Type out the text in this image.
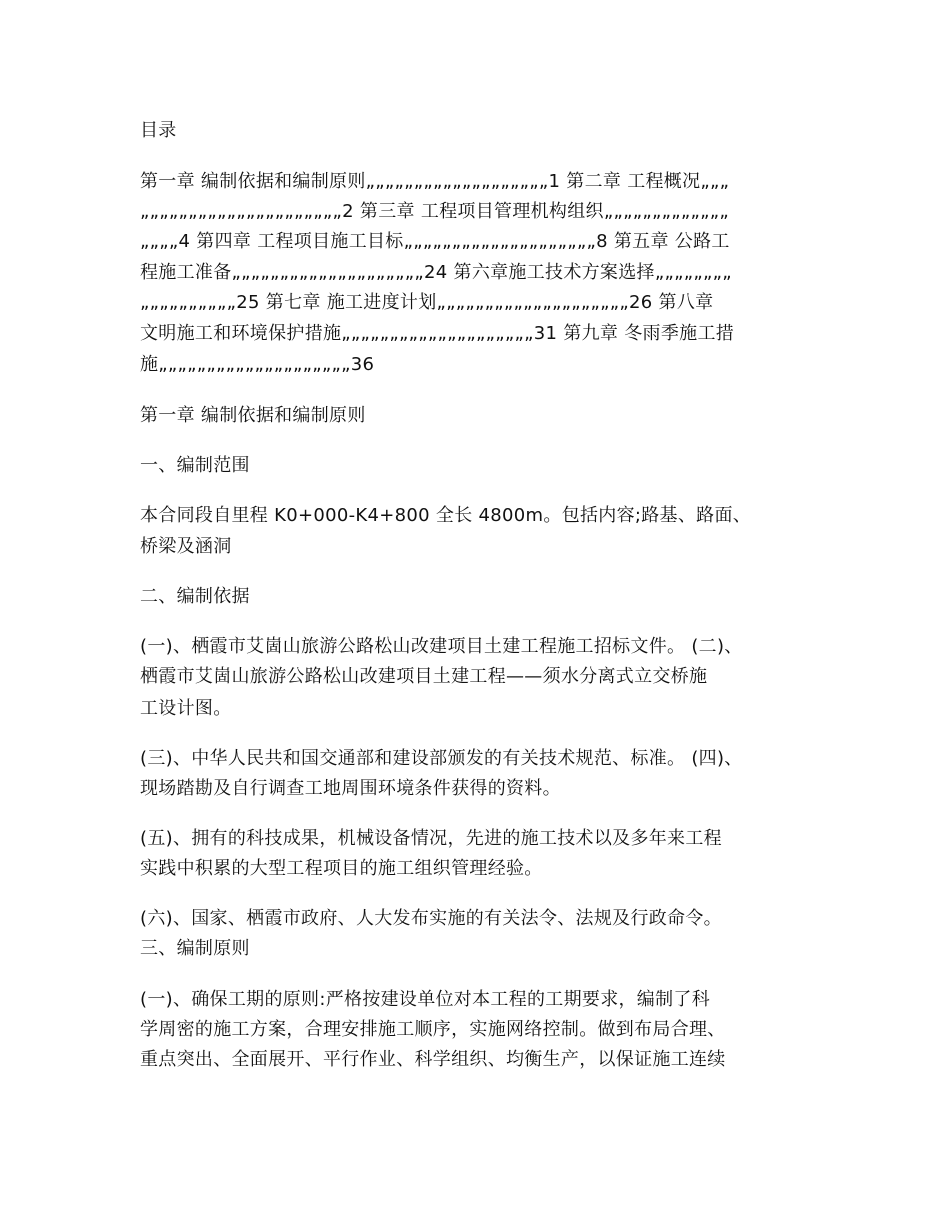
目录
第一章 编制依据和编制原则„„„„„„„„„„„„„„„„„„„1 第二章 工程概况„„„
„„„„„„„„„„„„„„„„„„„„„2 第三章 工程项目管理机构组织„„„„„„„„„„„„„
„„„„4 第四章 工程项目施工目标„„„„„„„„„„„„„„„„„„„„8 第五章 公路工
程施工准备„„„„„„„„„„„„„„„„„„„„24 第六章施工技术方案选择„„„„„„„„
„„„„„„„„„„25 第七章 施工进度计划„„„„„„„„„„„„„„„„„„„„26 第八章
文明施工和环境保护措施„„„„„„„„„„„„„„„„„„„„31 第九章 冬雨季施工措
施„„„„„„„„„„„„„„„„„„„„36
第一章 编制依据和编制原则
一、编制范围
本合同段自里程 K0+000-K4+800 全长 4800m。包括内容;路基、路面、
桥梁及涵洞
二、编制依据
(一)、栖霞市艾崮山旅游公路松山改建项目土建工程施工招标文件。 (二)、
栖霞市艾崮山旅游公路松山改建项目土建工程——须水分离式立交桥施
工设计图。
(三)、中华人民共和国交通部和建设部颁发的有关技术规范、标准。 (四)、
现场踏勘及自行调查工地周围环境条件获得的资料。
(五)、拥有的科技成果，机械设备情况，先进的施工技术以及多年来工程
实践中积累的大型工程项目的施工组织管理经验。
(六)、国家、栖霞市政府、人大发布实施的有关法令、法规及行政命令。
三、编制原则
(一)、确保工期的原则:严格按建设单位对本工程的工期要求，编制了科
学周密的施工方案，合理安排施工顺序，实施网络控制。做到布局合理、
重点突出、全面展开、平行作业、科学组织、均衡生产，以保证施工连续
